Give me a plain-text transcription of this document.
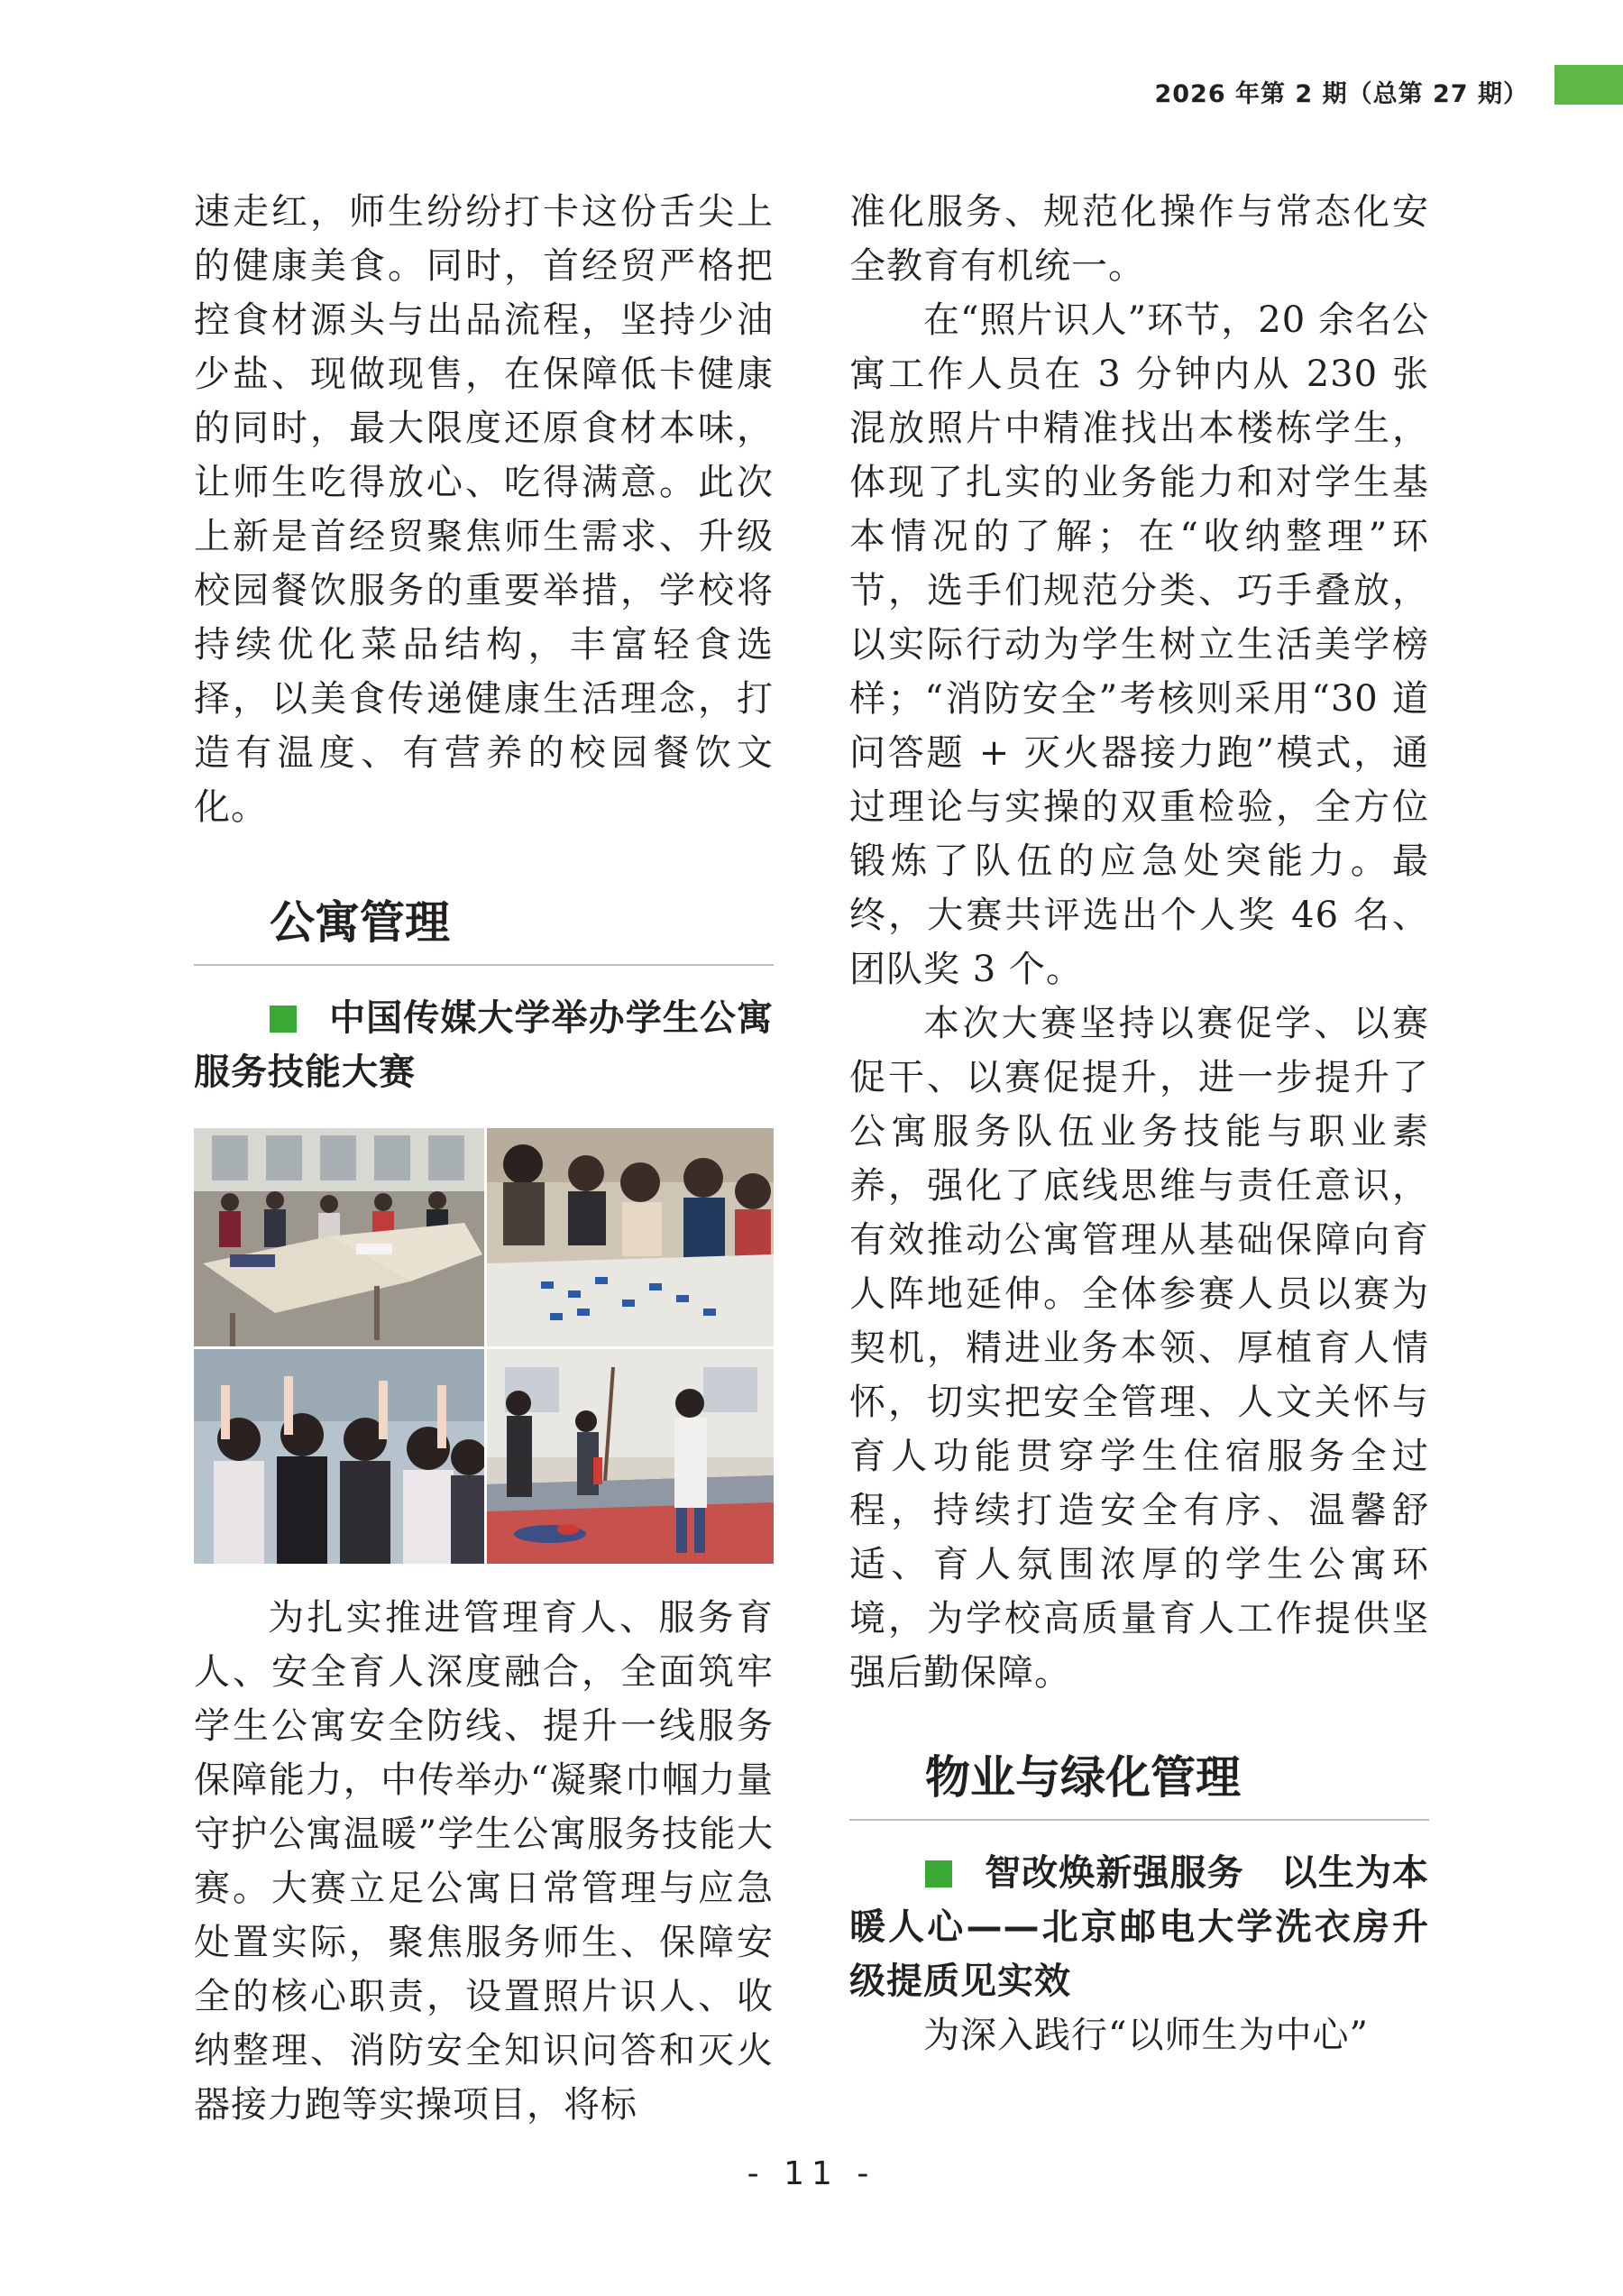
2026 年第 2 期（总第 27 期）

速走红，师生纷纷打卡这份舌尖上的健康美食。同时，首经贸严格把控食材源头与出品流程，坚持少油少盐、现做现售，在保障低卡健康的同时，最大限度还原食材本味，让师生吃得放心、吃得满意。此次上新是首经贸聚焦师生需求、升级校园餐饮服务的重要举措，学校将持续优化菜品结构，丰富轻食选择，以美食传递健康生活理念，打造有温度、有营养的校园餐饮文化。

公寓管理

中国传媒大学举办学生公寓服务技能大赛

为扎实推进管理育人、服务育人、安全育人深度融合，全面筑牢学生公寓安全防线、提升一线服务保障能力，中传举办“凝聚巾帼力量　守护公寓温暖”学生公寓服务技能大赛。大赛立足公寓日常管理与应急处置实际，聚焦服务师生、保障安全的核心职责，设置照片识人、收纳整理、消防安全知识问答和灭火器接力跑等实操项目，将标

准化服务、规范化操作与常态化安全教育有机统一。

在“照片识人”环节，20 余名公寓工作人员在 3 分钟内从 230 张混放照片中精准找出本楼栋学生，体现了扎实的业务能力和对学生基本情况的了解；在“收纳整理”环节，选手们规范分类、巧手叠放，以实际行动为学生树立生活美学榜样；“消防安全”考核则采用“30 道问答题 + 灭火器接力跑”模式，通过理论与实操的双重检验，全方位锻炼了队伍的应急处突能力。最终，大赛共评选出个人奖 46 名、团队奖 3 个。

本次大赛坚持以赛促学、以赛促干、以赛促提升，进一步提升了公寓服务队伍业务技能与职业素养，强化了底线思维与责任意识，有效推动公寓管理从基础保障向育人阵地延伸。全体参赛人员以赛为契机，精进业务本领、厚植育人情怀，切实把安全管理、人文关怀与育人功能贯穿学生住宿服务全过程，持续打造安全有序、温馨舒适、育人氛围浓厚的学生公寓环境，为学校高质量育人工作提供坚强后勤保障。

物业与绿化管理

智改焕新强服务　以生为本暖人心——北京邮电大学洗衣房升级提质见实效

为深入践行“以师生为中心”

- 11 -
